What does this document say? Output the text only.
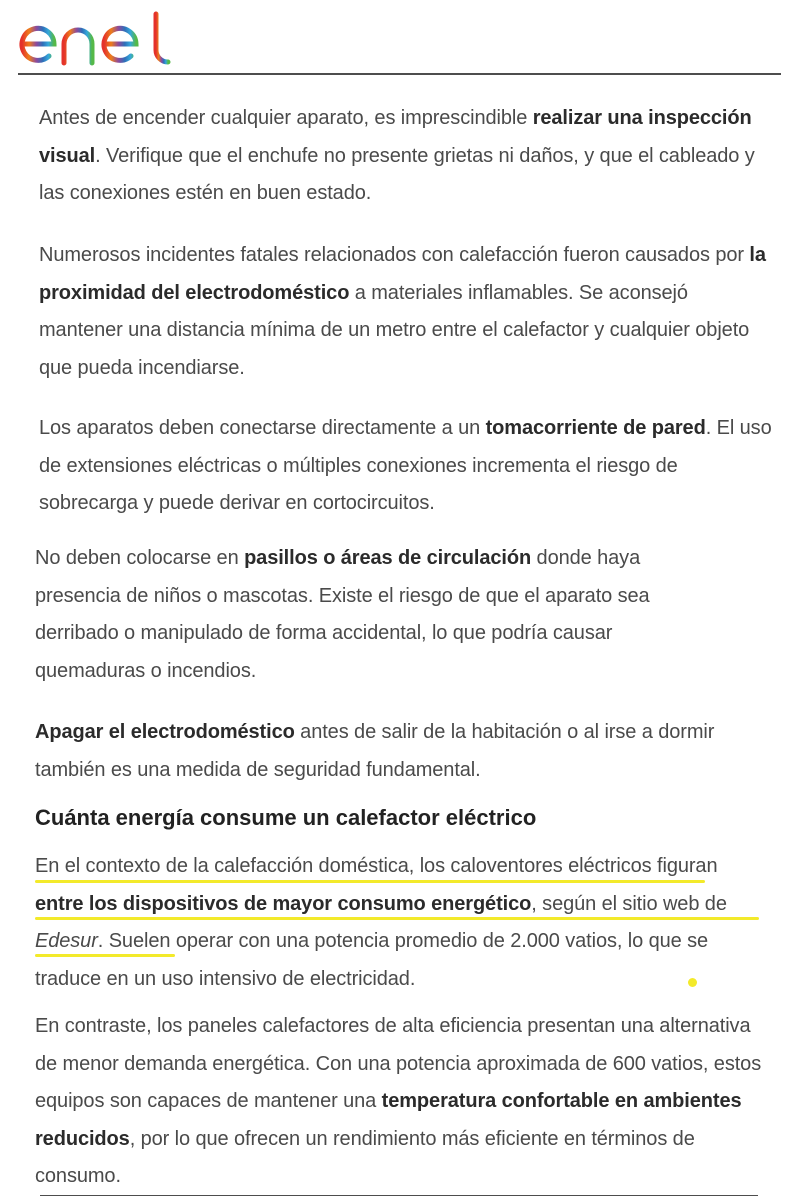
Antes de encender cualquier aparato, es imprescindible realizar una inspección visual. Verifique que el enchufe no presente grietas ni daños, y que el cableado y las conexiones estén en buen estado.

Numerosos incidentes fatales relacionados con calefacción fueron causados por la proximidad del electrodoméstico a materiales inflamables. Se aconsejó mantener una distancia mínima de un metro entre el calefactor y cualquier objeto que pueda incendiarse.

Los aparatos deben conectarse directamente a un tomacorriente de pared. El uso de extensiones eléctricas o múltiples conexiones incrementa el riesgo de sobrecarga y puede derivar en cortocircuitos.

No deben colocarse en pasillos o áreas de circulación donde haya presencia de niños o mascotas. Existe el riesgo de que el aparato sea derribado o manipulado de forma accidental, lo que podría causar quemaduras o incendios.

Apagar el electrodoméstico antes de salir de la habitación o al irse a dormir también es una medida de seguridad fundamental.

Cuánta energía consume un calefactor eléctrico

En el contexto de la calefacción doméstica, los caloventores eléctricos figuran entre los dispositivos de mayor consumo energético, según el sitio web de Edesur. Suelen operar con una potencia promedio de 2.000 vatios, lo que se traduce en un uso intensivo de electricidad.

En contraste, los paneles calefactores de alta eficiencia presentan una alternativa de menor demanda energética. Con una potencia aproximada de 600 vatios, estos equipos son capaces de mantener una temperatura confortable en ambientes reducidos, por lo que ofrecen un rendimiento más eficiente en términos de consumo.
